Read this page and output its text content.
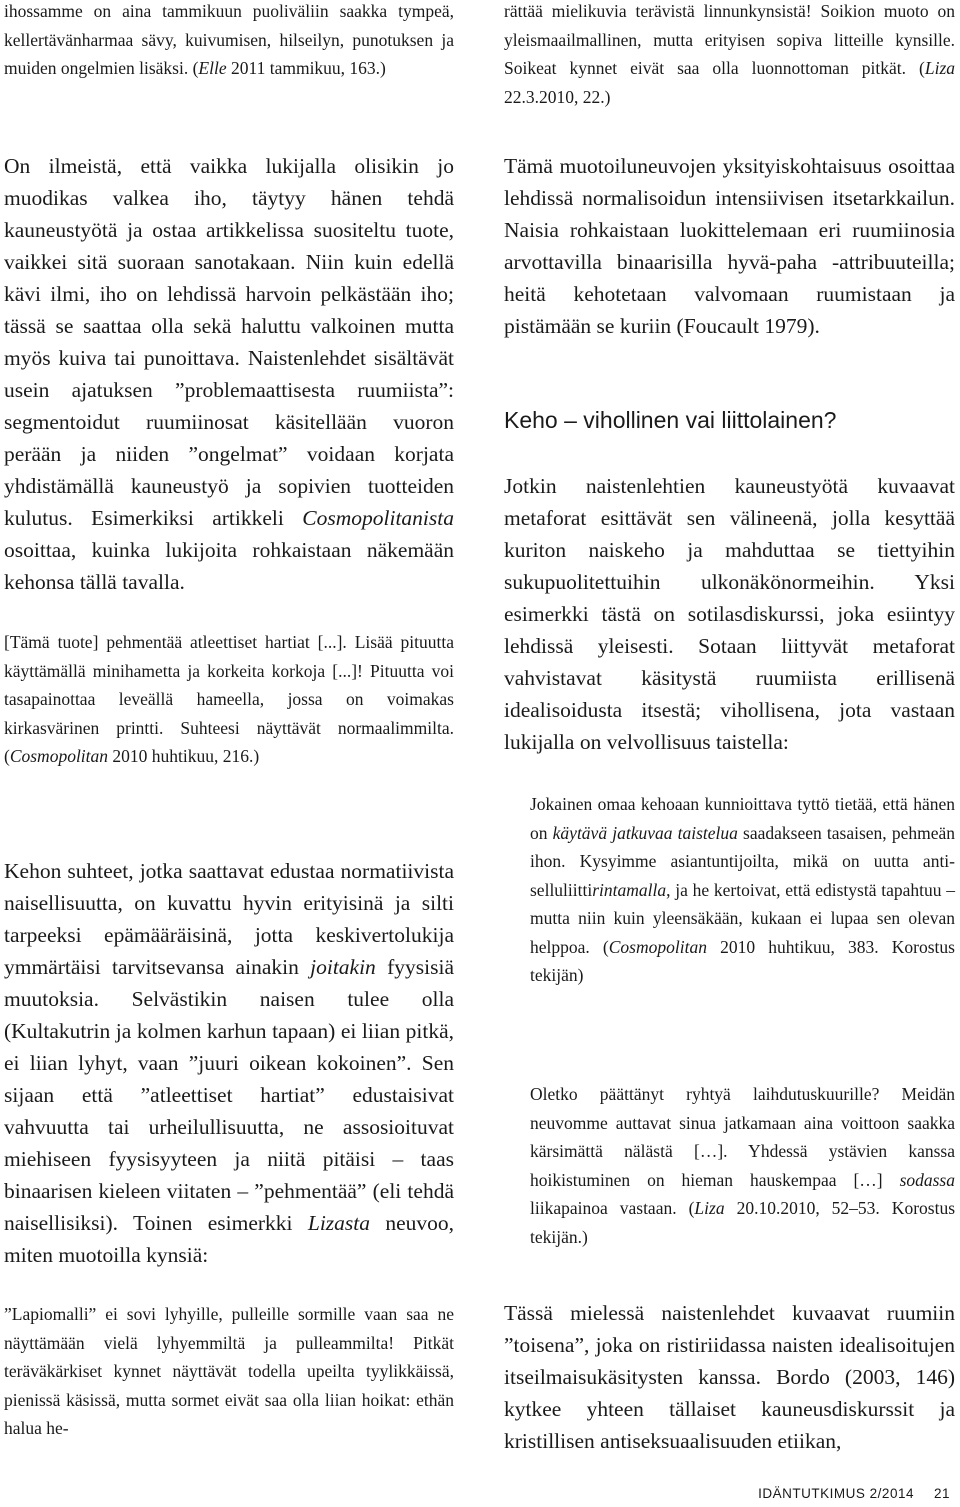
ihossamme on aina tammikuun puoliväliin saakka tympeä, kellertävänharmaa sävy, kuivumisen, hilseilyn, punotuksen ja muiden ongelmien lisäksi. (Elle 2011 tammikuu, 163.)

On ilmeistä, että vaikka lukijalla olisikin jo muodikas valkea iho, täytyy hänen tehdä kauneustyötä ja ostaa artikkelissa suositeltu tuote, vaikkei sitä suoraan sanotakaan. Niin kuin edellä kävi ilmi, iho on lehdissä harvoin pelkästään iho; tässä se saattaa olla sekä haluttu valkoinen mutta myös kuiva tai punoittava. Naistenlehdet sisältävät usein ajatuksen ”problemaattisesta ruumiista”: segmentoidut ruumiinosat käsitellään vuoron perään ja niiden ”ongelmat” voidaan korjata yhdistämällä kauneustyö ja sopivien tuotteiden kulutus. Esimerkiksi artikkeli Cosmopolitanista osoittaa, kuinka lukijoita rohkaistaan näkemään kehonsa tällä tavalla.

[Tämä tuote] pehmentää atleettiset hartiat [...]. Lisää pituutta käyttämällä minihametta ja korkeita korkoja [...]! Pituutta voi tasapainottaa leveällä hameella, jossa on voimakas kirkasvärinen printti. Suhteesi näyttävät normaalimmilta. (Cosmopolitan 2010 huhtikuu, 216.)

Kehon suhteet, jotka saattavat edustaa normatiivista naisellisuutta, on kuvattu hyvin erityisinä ja silti tarpeeksi epämääräisinä, jotta keskivertolukija ymmärtäisi tarvitsevansa ainakin joitakin fyysisiä muutoksia. Selvästikin naisen tulee olla (Kultakutrin ja kolmen karhun tapaan) ei liian pitkä, ei liian lyhyt, vaan ”juuri oikean kokoinen”. Sen sijaan että ”atleettiset hartiat” edustaisivat vahvuutta tai urheilullisuutta, ne assosioituvat miehiseen fyysisyyteen ja niitä pitäisi – taas binaarisen kieleen viitaten – ”pehmentää” (eli tehdä naisellisiksi). Toinen esimerkki Lizasta neuvoo, miten muotoilla kynsiä:

”Lapiomalli” ei sovi lyhyille, pulleille sormille vaan saa ne näyttämään vielä lyhyemmiltä ja pulleammilta! Pitkät teräväkärkiset kynnet näyttävät todella upeilta tyylikkäissä, pienissä käsissä, mutta sormet eivät saa olla liian hoikat: ethän halua he-

rättää mielikuvia terävistä linnunkynsistä! Soikion muoto on yleismaailmallinen, mutta erityisen sopiva litteille kynsille. Soikeat kynnet eivät saa olla luonnottoman pitkät. (Liza 22.3.2010, 22.)

Tämä muotoiluneuvojen yksityiskohtaisuus osoittaa lehdissä normalisoidun intensiivisen itsetarkkailun. Naisia rohkaistaan luokittelemaan eri ruumiinosia arvottavilla binaarisilla hyvä-paha -attribuuteilla; heitä kehotetaan valvomaan ruumistaan ja pistämään se kuriin (Foucault 1979).

Keho – vihollinen vai liittolainen?

Jotkin naistenlehtien kauneustyötä kuvaavat metaforat esittävät sen välineenä, jolla kesyttää kuriton naiskeho ja mahduttaa se tiettyihin sukupuolitettuihin ulkonäkönormeihin. Yksi esimerkki tästä on sotilasdiskurssi, joka esiintyy lehdissä yleisesti. Sotaan liittyvät metaforat vahvistavat käsitystä ruumiista erillisenä idealisoidusta itsestä; vihollisena, jota vastaan lukijalla on velvollisuus taistella:

Jokainen omaa kehoaan kunnioittava tyttö tietää, että hänen on käytävä jatkuvaa taistelua saadakseen tasaisen, pehmeän ihon. Kysyimme asiantuntijoilta, mikä on uutta anti-selluliittirintamalla, ja he kertoivat, että edistystä tapahtuu – mutta niin kuin yleensäkään, kukaan ei lupaa sen olevan helppoa. (Cosmopolitan 2010 huhtikuu, 383. Korostus tekijän)

Oletko päättänyt ryhtyä laihdutuskuurille? Meidän neuvomme auttavat sinua jatkamaan aina voittoon saakka kärsimättä nälästä […]. Yhdessä ystävien kanssa hoikistuminen on hieman hauskempaa […] sodassa liikapainoa vastaan. (Liza 20.10.2010, 52–53. Korostus tekijän.)

Tässä mielessä naistenlehdet kuvaavat ruumiin ”toisena”, joka on ristiriidassa naisten idealisoitujen itseilmaisukäsitysten kanssa. Bordo (2003, 146) kytkee yhteen tällaiset kauneusdiskurssit ja kristillisen antiseksuaalisuuden etiikan,

IDÄNTUTKIMUS 2/2014 21
